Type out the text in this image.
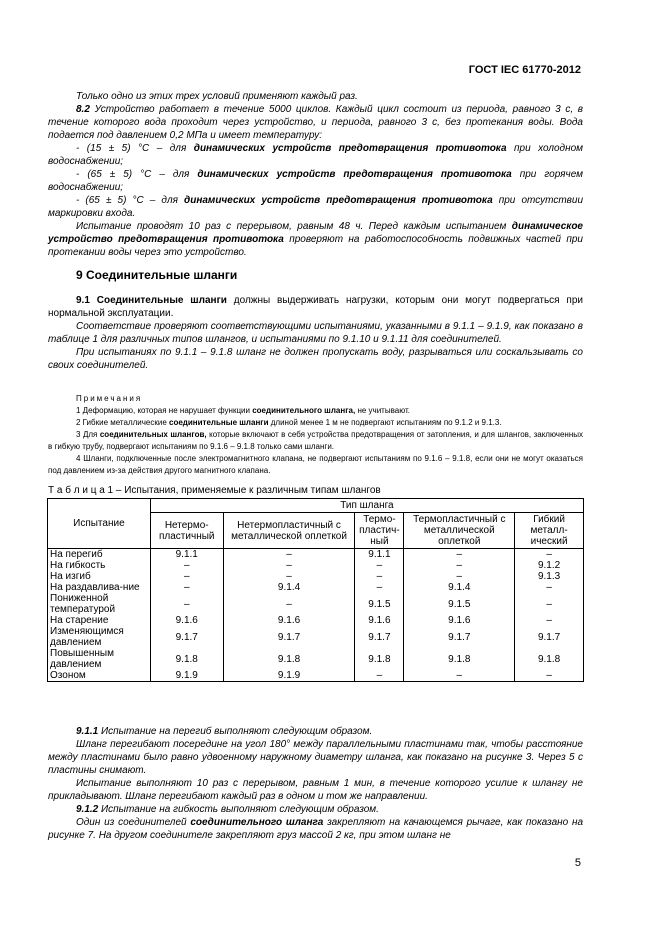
ГОСТ IEC 61770-2012

Только одно из этих трех условий применяют каждый раз.

8.2 Устройство работает в течение 5000 циклов. Каждый цикл состоит из периода, равного 3 с, в течение которого вода проходит через устройство, и периода, равного 3 с, без протекания воды. Вода подается под давлением 0,2 МПа и имеет температуру:

- (15 ± 5) °С – для динамических устройств предотвращения противотока при холодном водоснабжении;

- (65 ± 5) °С – для динамических устройств предотвращения противотока при горячем водоснабжении;

- (65 ± 5) °С – для динамических устройств предотвращения противотока при отсутствии маркировки входа.

Испытание проводят 10 раз с перерывом, равным 48 ч. Перед каждым испытанием динамическое устройство предотвращения противотока проверяют на работоспособность подвижных частей при протекании воды через это устройство.

9 Соединительные шланги

9.1 Соединительные шланги должны выдерживать нагрузки, которым они могут подвергаться при нормальной эксплуатации.

Соответствие проверяют соответствующими испытаниями, указанными в 9.1.1 – 9.1.9, как показано в таблице 1 для различных типов шлангов, и испытаниями по 9.1.10 и 9.1.11 для соединителей.

При испытаниях по 9.1.1 – 9.1.8 шланг не должен пропускать воду, разрываться или соскальзывать со своих соединителей.

Примечания

1 Деформацию, которая не нарушает функции соединительного шланга, не учитывают.

2 Гибкие металлические соединительные шланги длиной менее 1 м не подвергают испытаниям по 9.1.2 и 9.1.3.

3 Для соединительных шлангов, которые включают в себя устройства предотвращения от затопления, и для шлангов, заключенных в гибкую трубу, подвергают испытаниям по 9.1.6 – 9.1.8 только сами шланги.

4 Шланги, подключенные после электромагнитного клапана, не подвергают испытаниям по 9.1.6 – 9.1.8, если они не могут оказаться под давлением из-за действия другого магнитного клапана.

Т а б л и ц а 1 – Испытания, применяемые к различным типам шлангов
Испытание	Тип шланга				
	Нетермо-пластичный	Нетермопластичный с металлической оплеткой	Термо-пластич-ный	Термопластичный с металлической оплеткой	Гибкий металл-ический
На перегиб	9.1.1	–	9.1.1	–	–
На гибкость	–	–	–	–	9.1.2
На изгиб	–	–	–	–	9.1.3
На раздавлива-ние	–	9.1.4	–	9.1.4	–
Пониженной температурой	–	–	9.1.5	9.1.5	–
На старение	9.1.6	9.1.6	9.1.6	9.1.6	–
Изменяющимся давлением	9.1.7	9.1.7	9.1.7	9.1.7	9.1.7
Повышенным давлением	9.1.8	9.1.8	9.1.8	9.1.8	9.1.8
Озоном	9.1.9	9.1.9	–	–	–

9.1.1 Испытание на перегиб выполняют следующим образом.

Шланг перегибают посередине на угол 180° между параллельными пластинами так, чтобы расстояние между пластинами было равно удвоенному наружному диаметру шланга, как показано на рисунке 3. Через 5 с пластины снимают.

Испытание выполняют 10 раз с перерывом, равным 1 мин, в течение которого усилие к шлангу не прикладывают. Шланг перегибают каждый раз в одном и том же направлении.

9.1.2 Испытание на гибкость выполняют следующим образом.

Один из соединителей соединительного шланга закрепляют на качающемся рычаге, как показано на рисунке 7. На другом соединителе закрепляют груз массой 2 кг, при этом шланг не

5
